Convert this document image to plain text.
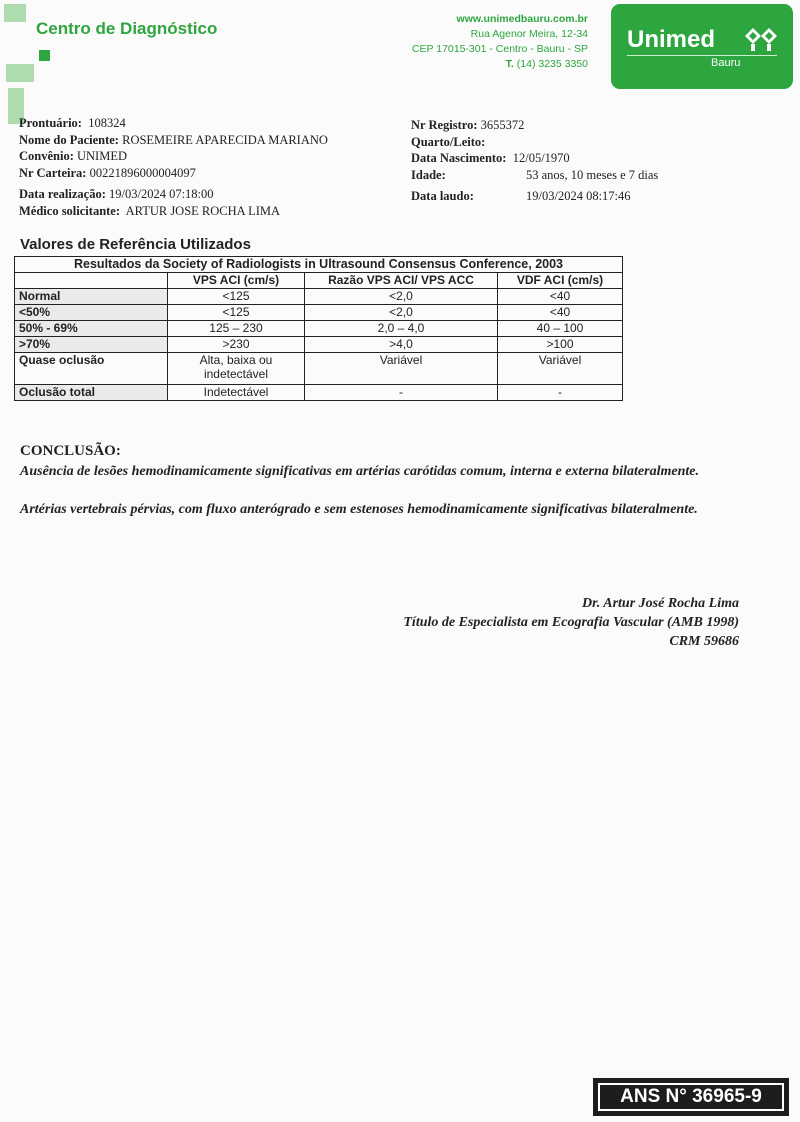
Centro de Diagnóstico	www.unimedbauru.com.br
Rua Agenor Meira, 12-34
CEP 17015-301 - Centro - Bauru - SP
T. (14) 3235 3350
Unimed
Bauru
Prontuário: 108324
Nome do Paciente: ROSEMEIRE APARECIDA MARIANO
Convênio: UNIMED
Nr Carteira: 00221896000004097
Data realização: 19/03/2024 07:18:00
Médico solicitante: ARTUR JOSE ROCHA LIMA
Nr Registro: 3655372
Quarto/Leito:
Data Nascimento: 12/05/1970
Idade:	53 anos, 10 meses e 7 dias
Data laudo:	19/03/2024 08:17:46
Valores de Referência Utilizados
Resultados da Society of Radiologists in Ultrasound Consensus Conference, 2003			
	VPS ACI (cm/s)	Razão VPS ACI/ VPS ACC	VDF ACI (cm/s)
Normal	<125	<2,0	<40
<50%	<125	<2,0	<40
50% - 69%	125 – 230	2,0 – 4,0	40 – 100
>70%	>230	>4,0	>100
Quase oclusão	Alta, baixa ou indetectável	Variável	Variável
Oclusão total	Indetectável	-	-
CONCLUSÃO:
Ausência de lesões hemodinamicamente significativas em artérias carótidas comum, interna e externa bilateralmente.
Artérias vertebrais pérvias, com fluxo anterógrado e sem estenoses hemodinamicamente significativas bilateralmente.
Dr. Artur José Rocha Lima
Título de Especialista em Ecografia Vascular (AMB 1998)
CRM 59686
ANS N° 36965-9
